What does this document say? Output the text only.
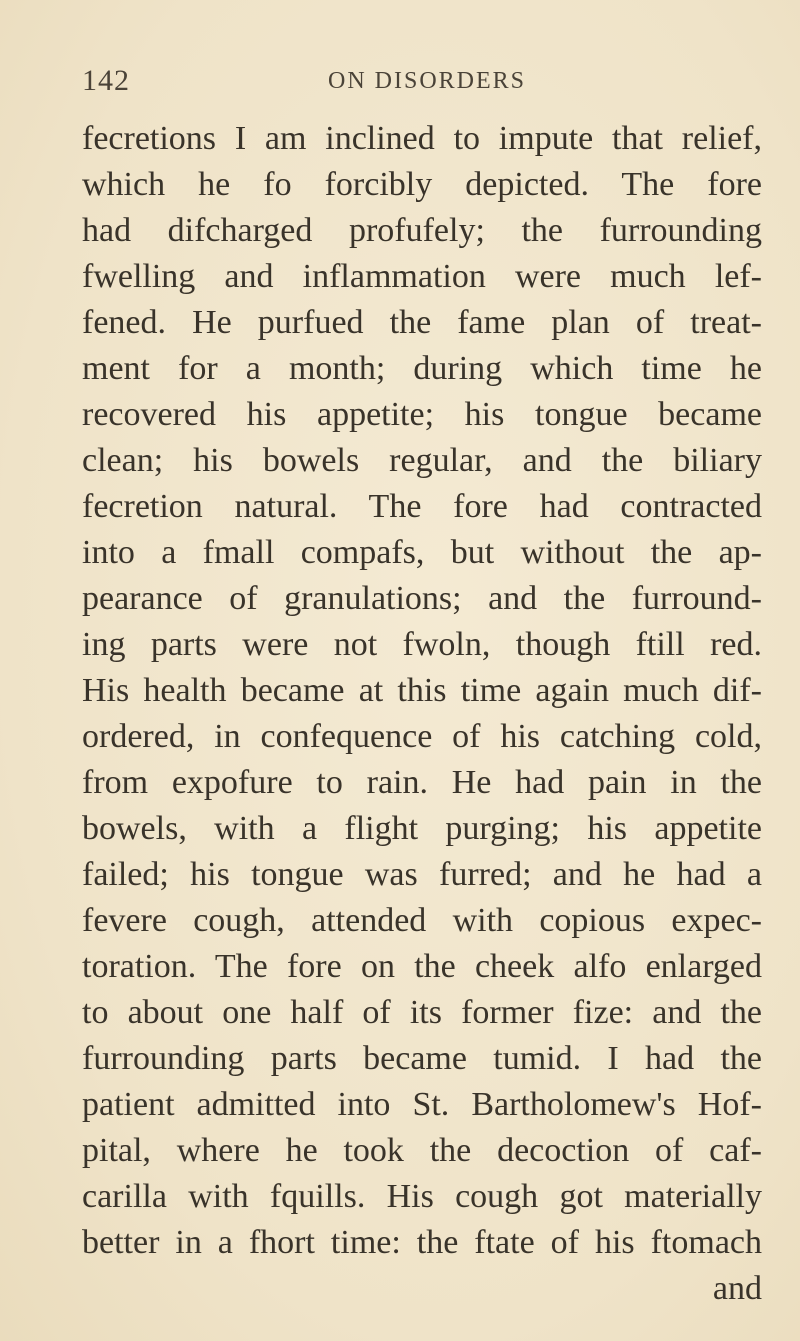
142	ON DISORDERS
fecretions I am inclined to impute that relief,
which he fo forcibly depicted. The fore
had difcharged profufely; the furrounding
fwelling and inflammation were much lef-
fened. He purfued the fame plan of treat-
ment for a month; during which time he
recovered his appetite; his tongue became
clean; his bowels regular, and the biliary
fecretion natural. The fore had contracted
into a fmall compafs, but without the ap-
pearance of granulations; and the furround-
ing parts were not fwoln, though ftill red.
His health became at this time again much dif-
ordered, in confequence of his catching cold,
from expofure to rain. He had pain in the
bowels, with a flight purging; his appetite
failed; his tongue was furred; and he had a
fevere cough, attended with copious expec-
toration. The fore on the cheek alfo enlarged
to about one half of its former fize: and the
furrounding parts became tumid. I had the
patient admitted into St. Bartholomew's Hof-
pital, where he took the decoction of caf-
carilla with fquills. His cough got materially
better in a fhort time: the ftate of his ftomach
and
